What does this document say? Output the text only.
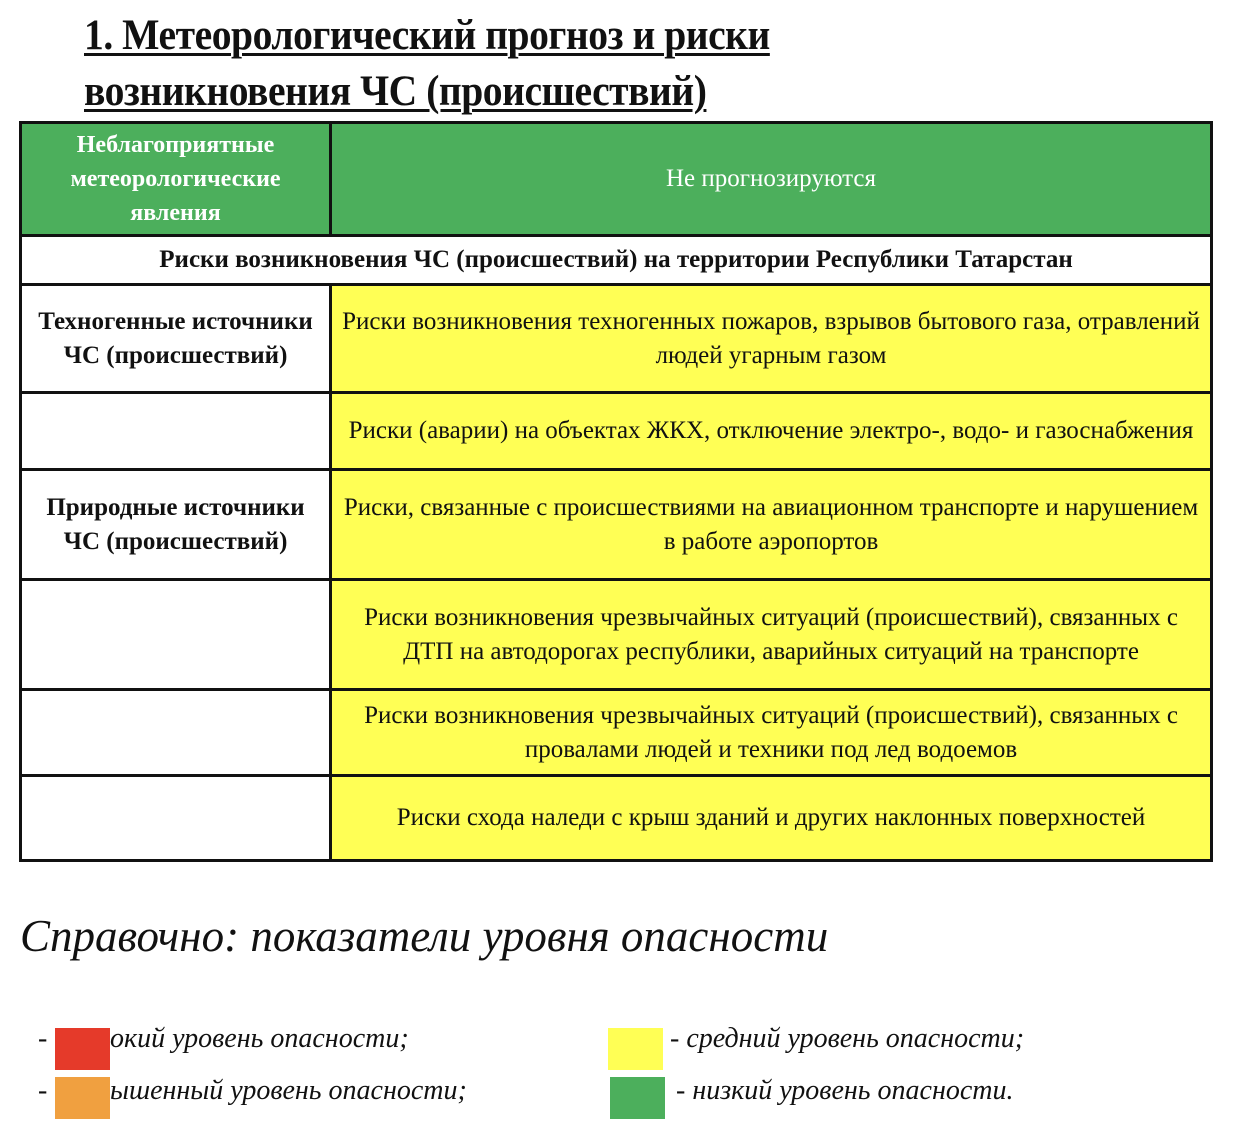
1. Метеорологический прогноз и риски
возникновения ЧС (происшествий)
Неблагоприятные метеорологические явления	Не прогнозируются
Риски возникновения ЧС (происшествий) на территории Республики Татарстан	
Техногенные источники ЧС (происшествий)	Риски возникновения техногенных пожаров, взрывов бытового газа, отравлений людей угарным газом
	Риски (аварии) на объектах ЖКХ, отключение электро-, водо- и газоснабжения
Природные источники ЧС (происшествий)	Риски, связанные с происшествиями на авиационном транспорте и нарушением в работе аэропортов
	Риски возникновения чрезвычайных ситуаций (происшествий), связанных с ДТП на автодорогах республики, аварийных ситуаций на транспорте
	Риски возникновения чрезвычайных ситуаций (происшествий), связанных с провалами людей и техники под лед водоемов
	Риски схода наледи с крыш зданий и других наклонных поверхностей
Справочно: показатели уровня опасности
- окий уровень опасности;
- ышенный уровень опасности;
- средний уровень опасности;
- низкий уровень опасности.
